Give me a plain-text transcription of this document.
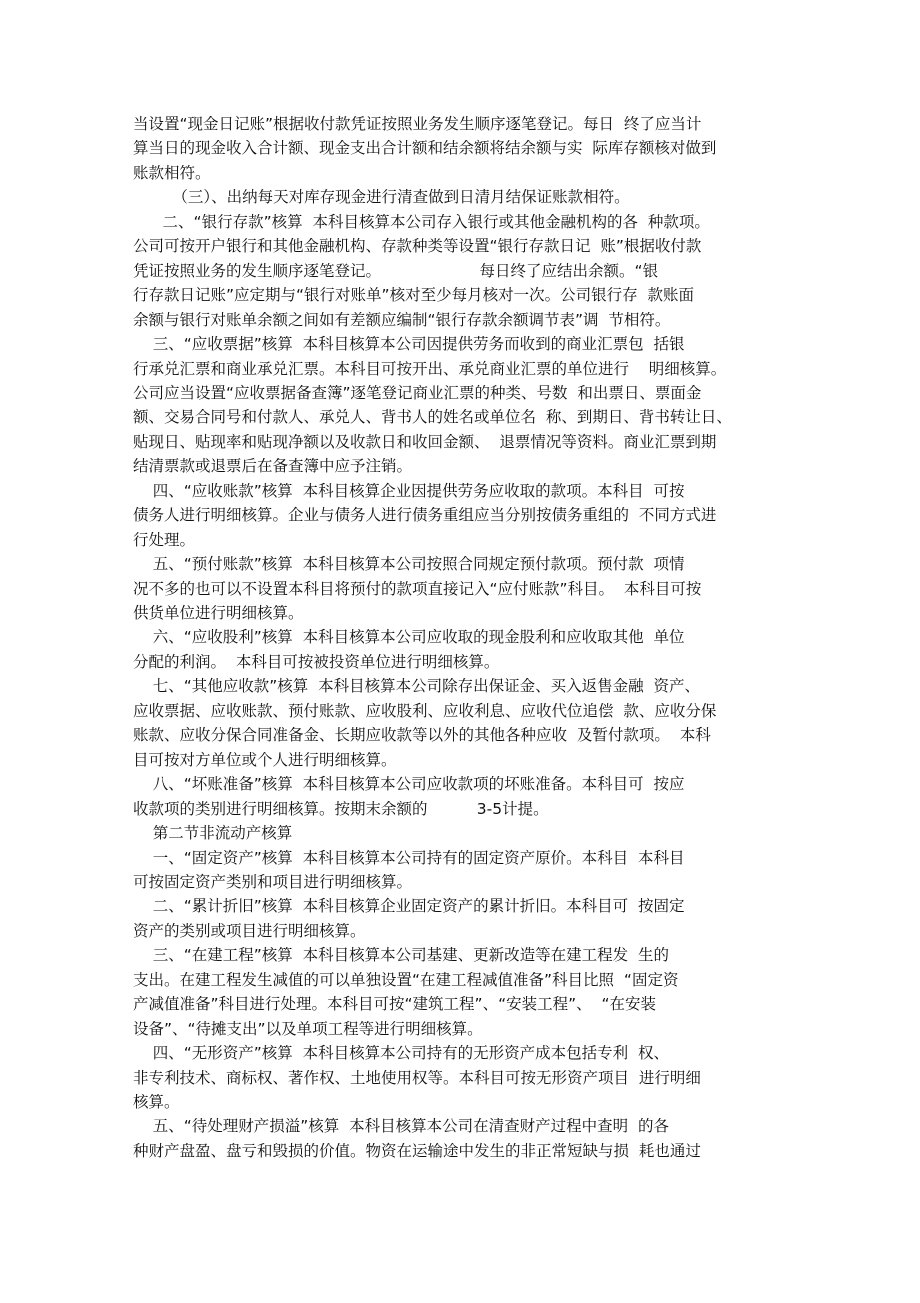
当设置“现金日记账”根据收付款凭证按照业务发生顺序逐笔登记。每日  终了应当计
算当日的现金收入合计额、现金支出合计额和结余额将结余额与实  际库存额核对做到
账款相符。
（三）、出纳每天对库存现金进行清查做到日清月结保证账款相符。
二、“银行存款”核算  本科目核算本公司存入银行或其他金融机构的各  种款项。
公司可按开户银行和其他金融机构、存款种类等设置“银行存款日记  账”根据收付款
凭证按照业务的发生顺序逐笔登记。                    每日终了应结出余额。“银
行存款日记账”应定期与“银行对账单”核对至少每月核对一次。公司银行存  款账面
余额与银行对账单余额之间如有差额应编制“银行存款余额调节表”调  节相符。
三、“应收票据”核算  本科目核算本公司因提供劳务而收到的商业汇票包  括银
行承兑汇票和商业承兑汇票。本科目可按开出、承兑商业汇票的单位进行    明细核算。
公司应当设置“应收票据备查簿”逐笔登记商业汇票的种类、号数  和出票日、票面金
额、交易合同号和付款人、承兑人、背书人的姓名或单位名  称、到期日、背书转让日、
贴现日、贴现率和贴现净额以及收款日和收回金额、  退票情况等资料。商业汇票到期
结清票款或退票后在备查簿中应予注销。
四、“应收账款”核算  本科目核算企业因提供劳务应收取的款项。本科目  可按
债务人进行明细核算。企业与债务人进行债务重组应当分别按债务重组的  不同方式进
行处理。
五、“预付账款”核算  本科目核算本公司按照合同规定预付款项。预付款  项情
况不多的也可以不设置本科目将预付的款项直接记入“应付账款”科目。  本科目可按
供货单位进行明细核算。
六、“应收股利”核算  本科目核算本公司应收取的现金股利和应收取其他  单位
分配的利润。  本科目可按被投资单位进行明细核算。
七、“其他应收款”核算  本科目核算本公司除存出保证金、买入返售金融  资产、
应收票据、应收账款、预付账款、应收股利、应收利息、应收代位追偿  款、应收分保
账款、应收分保合同准备金、长期应收款等以外的其他各种应收  及暂付款项。  本科
目可按对方单位或个人进行明细核算。
八、“坏账准备”核算  本科目核算本公司应收款项的坏账准备。本科目可  按应
收款项的类别进行明细核算。按期末余额的          3-5计提。
第二节非流动产核算
一、“固定资产”核算  本科目核算本公司持有的固定资产原价。本科目  本科目
可按固定资产类别和项目进行明细核算。
二、“累计折旧”核算  本科目核算企业固定资产的累计折旧。本科目可  按固定
资产的类别或项目进行明细核算。
三、“在建工程”核算  本科目核算本公司基建、更新改造等在建工程发  生的
支出。在建工程发生减值的可以单独设置“在建工程减值准备”科目比照  “固定资
产减值准备”科目进行处理。本科目可按“建筑工程”、“安装工程”、  “在安装
设备”、“待摊支出”以及单项工程等进行明细核算。
四、“无形资产”核算  本科目核算本公司持有的无形资产成本包括专利  权、
非专利技术、商标权、著作权、土地使用权等。本科目可按无形资产项目  进行明细
核算。
五、“待处理财产损溢”核算  本科目核算本公司在清查财产过程中查明  的各
种财产盘盈、盘亏和毁损的价值。物资在运输途中发生的非正常短缺与损  耗也通过
